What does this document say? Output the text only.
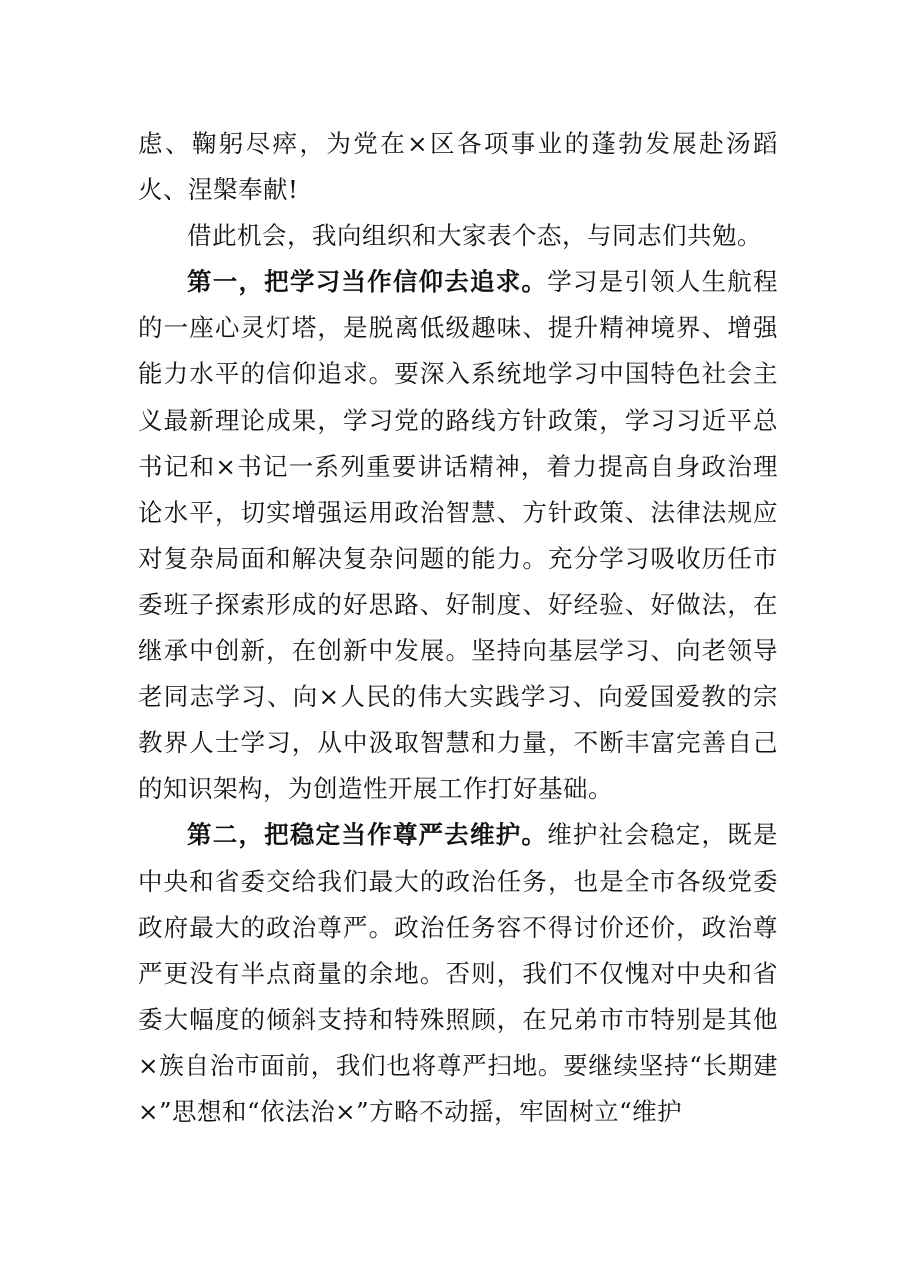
虑、鞠躬尽瘁，为党在×区各项事业的蓬勃发展赴汤蹈火、涅槃奉献!

借此机会，我向组织和大家表个态，与同志们共勉。

第一，把学习当作信仰去追求。学习是引领人生航程的一座心灵灯塔，是脱离低级趣味、提升精神境界、增强能力水平的信仰追求。要深入系统地学习中国特色社会主义最新理论成果，学习党的路线方针政策，学习习近平总书记和×书记一系列重要讲话精神，着力提高自身政治理论水平，切实增强运用政治智慧、方针政策、法律法规应对复杂局面和解决复杂问题的能力。充分学习吸收历任市委班子探索形成的好思路、好制度、好经验、好做法，在继承中创新，在创新中发展。坚持向基层学习、向老领导老同志学习、向×人民的伟大实践学习、向爱国爱教的宗教界人士学习，从中汲取智慧和力量，不断丰富完善自己的知识架构，为创造性开展工作打好基础。

第二，把稳定当作尊严去维护。维护社会稳定，既是中央和省委交给我们最大的政治任务，也是全市各级党委政府最大的政治尊严。政治任务容不得讨价还价，政治尊严更没有半点商量的余地。否则，我们不仅愧对中央和省委大幅度的倾斜支持和特殊照顾，在兄弟市市特别是其他×族自治市面前，我们也将尊严扫地。要继续坚持“长期建×”思想和“依法治×”方略不动摇，牢固树立“维护
